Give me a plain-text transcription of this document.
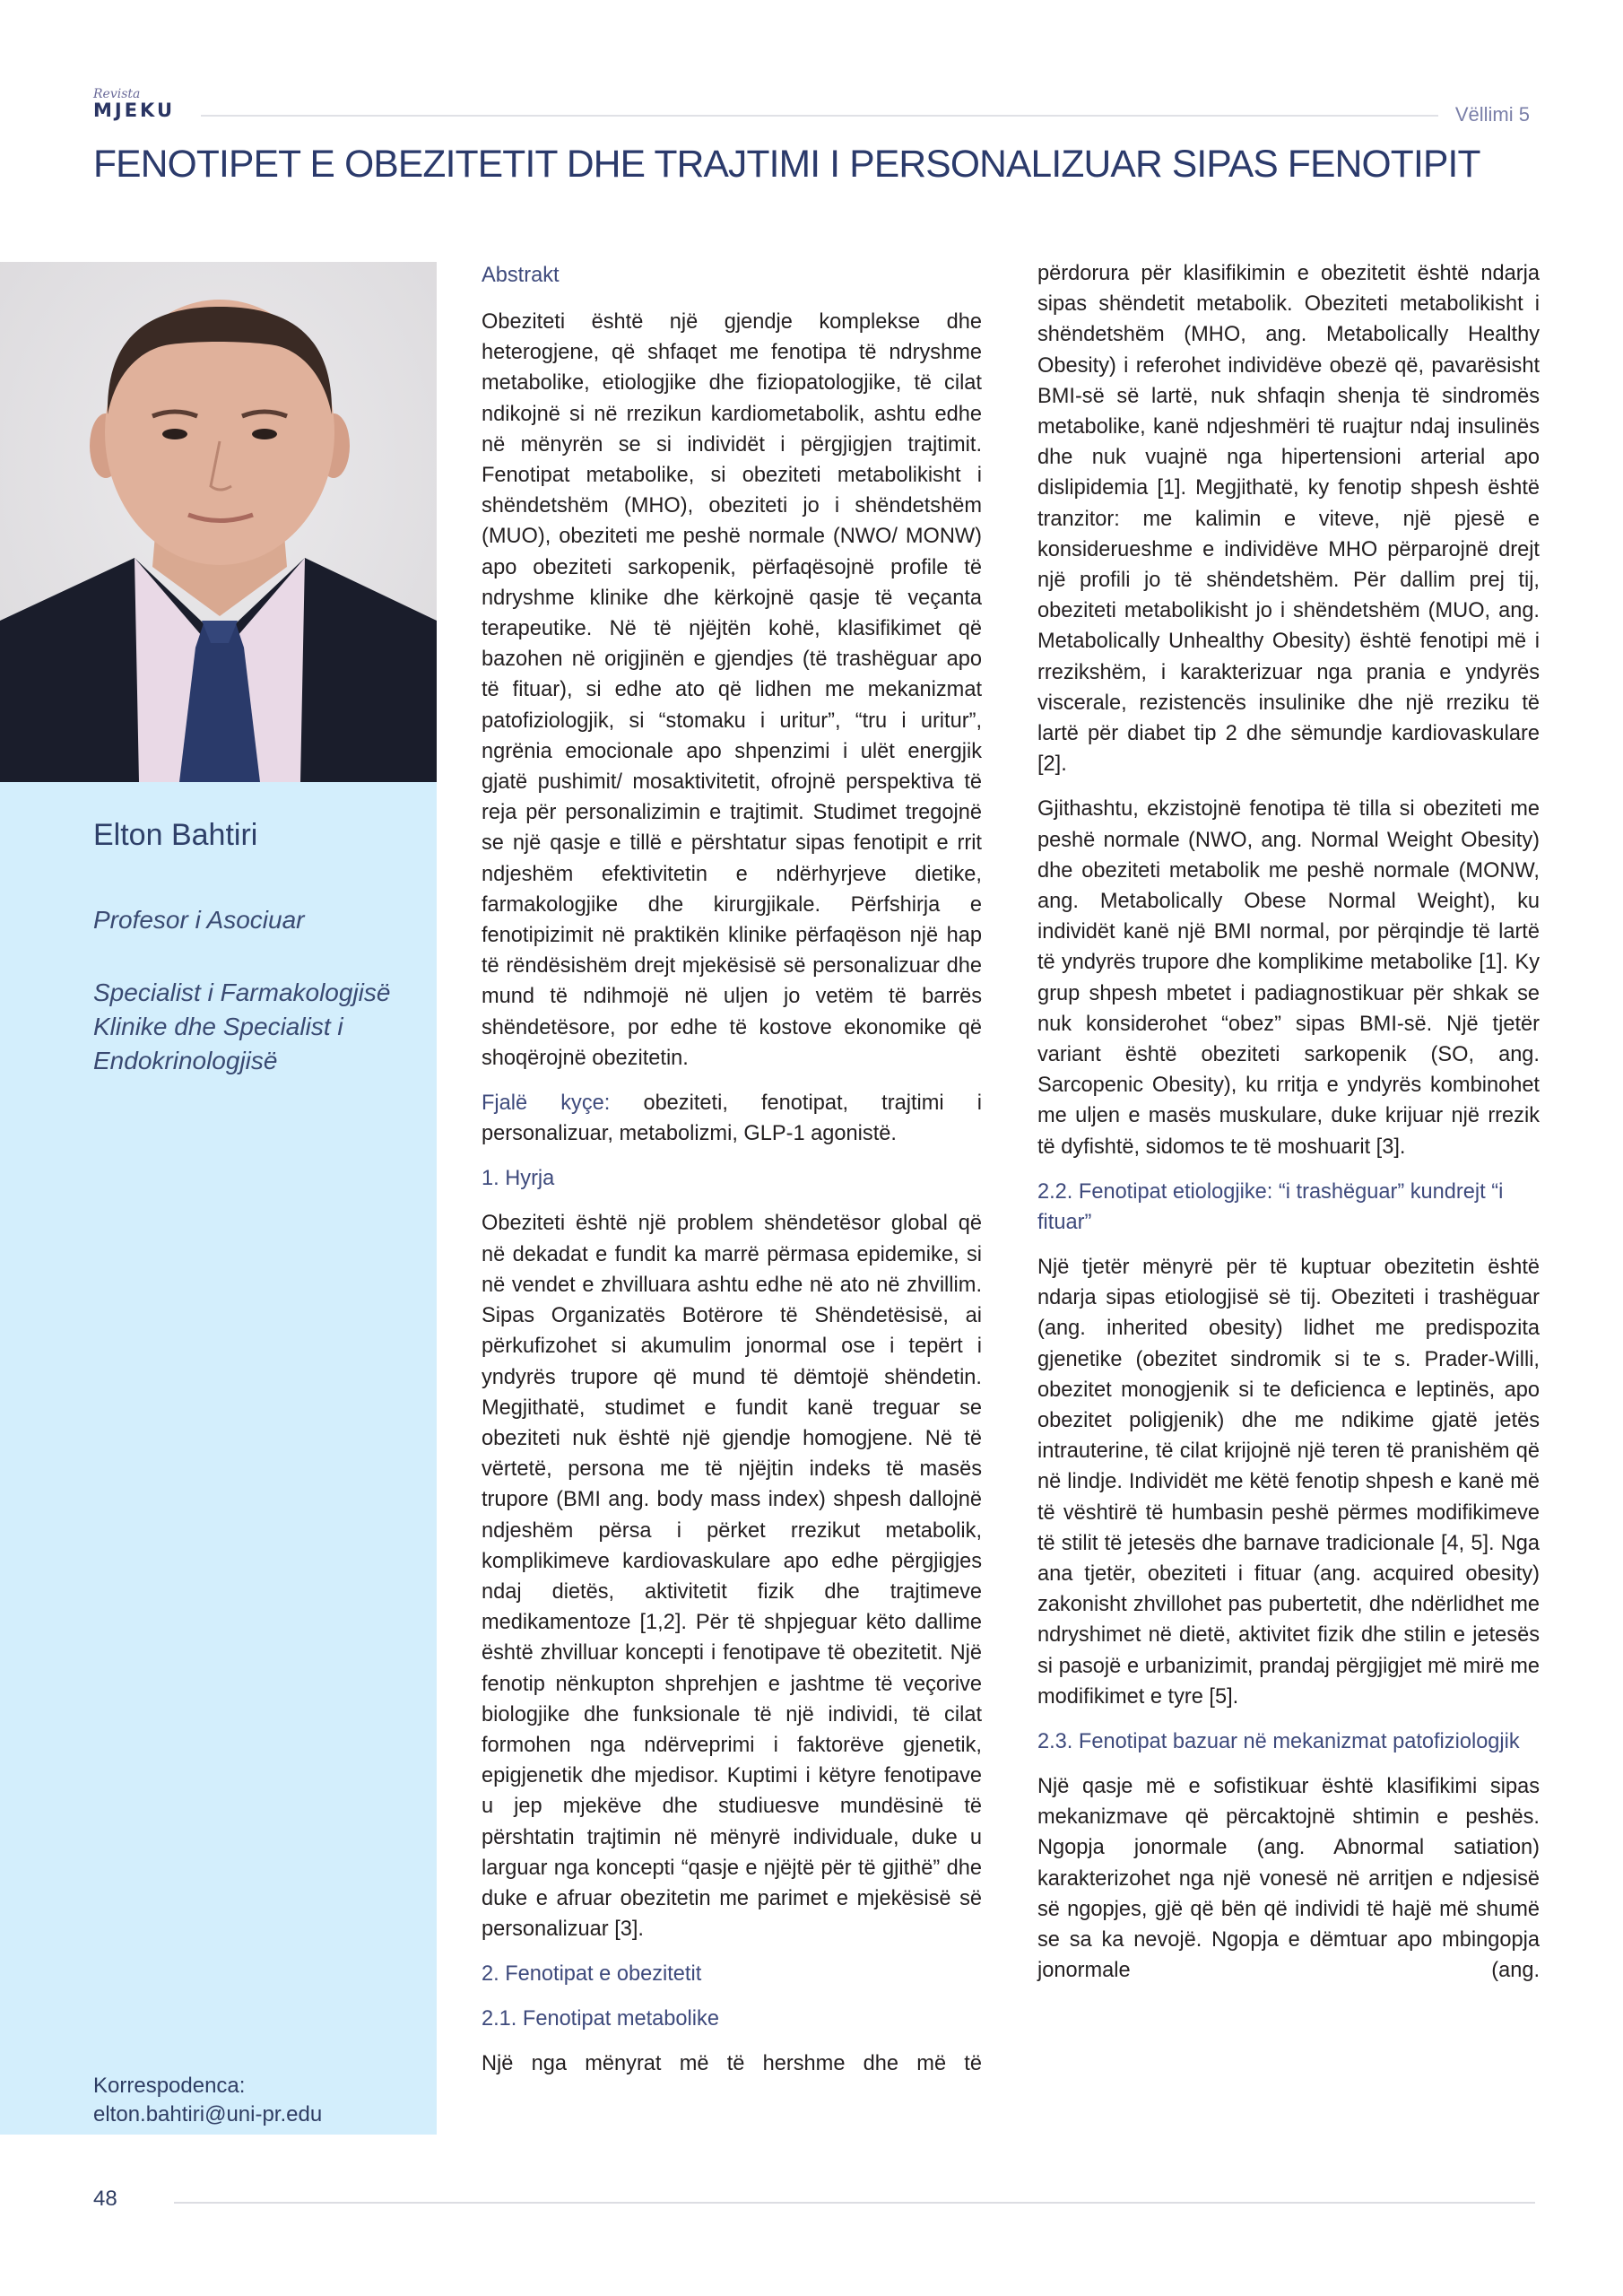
Revista
MJEKU	Vëllimi 5
FENOTIPET E OBEZITETIT DHE TRAJTIMI I PERSONALIZUAR SIPAS FENOTIPIT
Elton Bahtiri
Profesor i Asociuar
Specialist i Farmakologjisë Klinike dhe Specialist i Endokrinologjisë
Korrespodenca:
elton.bahtiri@uni-pr.edu
Abstrakt

Obeziteti është një gjendje komplekse dhe heterogjene, që shfaqet me fenotipa të ndryshme metabolike, etiologjike dhe fiziopatologjike, të cilat ndikojnë si në rrezikun kardiometabolik, ashtu edhe në mënyrën se si individët i përgjigjen trajtimit. Fenotipat metabolike, si obeziteti metabolikisht i shëndetshëm (MHO), obeziteti jo i shëndetshëm (MUO), obeziteti me peshë normale (NWO/ MONW) apo obeziteti sarkopenik, përfaqësojnë profile të ndryshme klinike dhe kërkojnë qasje të veçanta terapeutike. Në të njëjtën kohë, klasifikimet që bazohen në origjinën e gjendjes (të trashëguar apo të fituar), si edhe ato që lidhen me mekanizmat patofiziologjik, si “stomaku i uritur”, “tru i uritur”, ngrënia emocionale apo shpenzimi i ulët energjik gjatë pushimit/ mosaktivitetit, ofrojnë perspektiva të reja për personalizimin e trajtimit. Studimet tregojnë se një qasje e tillë e përshtatur sipas fenotipit e rrit ndjeshëm efektivitetin e ndërhyrjeve dietike, farmakologjike dhe kirurgjikale. Përfshirja e fenotipizimit në praktikën klinike përfaqëson një hap të rëndësishëm drejt mjekësisë së personalizuar dhe mund të ndihmojë në uljen jo vetëm të barrës shëndetësore, por edhe të kostove ekonomike që shoqërojnë obezitetin.

Fjalë kyçe: obeziteti, fenotipat, trajtimi i personalizuar, metabolizmi, GLP-1 agonistë.

1. Hyrja

Obeziteti është një problem shëndetësor global që në dekadat e fundit ka marrë përmasa epidemike, si në vendet e zhvilluara ashtu edhe në ato në zhvillim. Sipas Organizatës Botërore të Shëndetësisë, ai përkufizohet si akumulim jonormal ose i tepërt i yndyrës trupore që mund të dëmtojë shëndetin. Megjithatë, studimet e fundit kanë treguar se obeziteti nuk është një gjendje homogjene. Në të vërtetë, persona me të njëjtin indeks të masës trupore (BMI ang. body mass index) shpesh dallojnë ndjeshëm përsa i përket rrezikut metabolik, komplikimeve kardiovaskulare apo edhe përgjigjes ndaj dietës, aktivitetit fizik dhe trajtimeve medikamentoze [1,2]. Për të shpjeguar këto dallime është zhvilluar koncepti i fenotipave të obezitetit. Një fenotip nënkupton shprehjen e jashtme të veçorive biologjike dhe funksionale të një individi, të cilat formohen nga ndërveprimi i faktorëve gjenetik, epigjenetik dhe mjedisor. Kuptimi i këtyre fenotipave u jep mjekëve dhe studiuesve mundësinë të përshtatin trajtimin në mënyrë individuale, duke u larguar nga koncepti “qasje e njëjtë për të gjithë” dhe duke e afruar obezitetin me parimet e mjekësisë së personalizuar [3].

2. Fenotipat e obezitetit
2.1. Fenotipat metabolike

Një nga mënyrat më të hershme dhe më të

përdorura për klasifikimin e obezitetit është ndarja sipas shëndetit metabolik. Obeziteti metabolikisht i shëndetshëm (MHO, ang. Metabolically Healthy Obesity) i referohet individëve obezë që, pavarësisht BMI-së së lartë, nuk shfaqin shenja të sindromës metabolike, kanë ndjeshmëri të ruajtur ndaj insulinës dhe nuk vuajnë nga hipertensioni arterial apo dislipidemia [1]. Megjithatë, ky fenotip shpesh është tranzitor: me kalimin e viteve, një pjesë e konsiderueshme e individëve MHO përparojnë drejt një profili jo të shëndetshëm. Për dallim prej tij, obeziteti metabolikisht jo i shëndetshëm (MUO, ang. Metabolically Unhealthy Obesity) është fenotipi më i rrezikshëm, i karakterizuar nga prania e yndyrës viscerale, rezistencës insulinike dhe një rreziku të lartë për diabet tip 2 dhe sëmundje kardiovaskulare [2].

Gjithashtu, ekzistojnë fenotipa të tilla si obeziteti me peshë normale (NWO, ang. Normal Weight Obesity) dhe obeziteti metabolik me peshë normale (MONW, ang. Metabolically Obese Normal Weight), ku individët kanë një BMI normal, por përqindje të lartë të yndyrës trupore dhe komplikime metabolike [1]. Ky grup shpesh mbetet i padiagnostikuar për shkak se nuk konsiderohet “obez” sipas BMI-së. Një tjetër variant është obeziteti sarkopenik (SO, ang. Sarcopenic Obesity), ku rritja e yndyrës kombinohet me uljen e masës muskulare, duke krijuar një rrezik të dyfishtë, sidomos te të moshuarit [3].

2.2. Fenotipat etiologjike: “i trashëguar” kundrejt “i fituar”

Një tjetër mënyrë për të kuptuar obezitetin është ndarja sipas etiologjisë së tij. Obeziteti i trashëguar (ang. inherited obesity) lidhet me predispozita gjenetike (obezitet sindromik si te s. Prader-Willi, obezitet monogjenik si te deficienca e leptinës, apo obezitet poligjenik) dhe me ndikime gjatë jetës intrauterine, të cilat krijojnë një teren të pranishëm që në lindje. Individët me këtë fenotip shpesh e kanë më të vështirë të humbasin peshë përmes modifikimeve të stilit të jetesës dhe barnave tradicionale [4, 5]. Nga ana tjetër, obeziteti i fituar (ang. acquired obesity) zakonisht zhvillohet pas pubertetit, dhe ndërlidhet me ndryshimet në dietë, aktivitet fizik dhe stilin e jetesës si pasojë e urbanizimit, prandaj përgjigjet më mirë me modifikimet e tyre [5].

2.3. Fenotipat bazuar në mekanizmat patofiziologjik

Një qasje më e sofistikuar është klasifikimi sipas mekanizmave që përcaktojnë shtimin e peshës. Ngopja jonormale (ang. Abnormal satiation) karakterizohet nga një vonesë në arritjen e ndjesisë së ngopjes, gjë që bën që individi të hajë më shumë se sa ka nevojë. Ngopja e dëmtuar apo mbingopja jonormale (ang.

48
